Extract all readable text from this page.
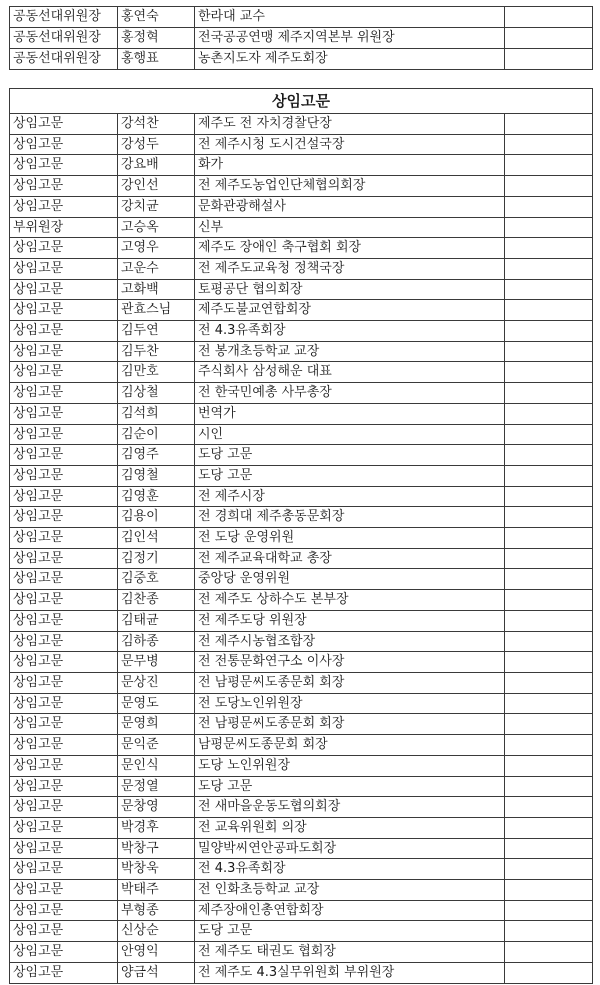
공동선대위원장	홍연숙	한라대 교수	
공동선대위원장	홍정혁	전국공공연맹 제주지역본부 위원장	
공동선대위원장	홍행표	농촌지도자 제주도회장	
상임고문			
상임고문	강석찬	제주도 전 자치경찰단장	
상임고문	강성두	전 제주시청 도시건설국장	
상임고문	강요배	화가	
상임고문	강인선	전 제주도농업인단체협의회장	
상임고문	강치균	문화관광해설사	
부위원장	고승옥	신부	
상임고문	고영우	제주도 장애인 축구협회 회장	
상임고문	고운수	전 제주도교육청 정책국장	
상임고문	고화백	토평공단 협의회장	
상임고문	관효스님	제주도불교연합회장	
상임고문	김두연	전 4.3유족회장	
상임고문	김두찬	전 봉개초등학교 교장	
상임고문	김만호	주식회사 삼성해운 대표	
상임고문	김상철	전 한국민예총 사무총장	
상임고문	김석희	번역가	
상임고문	김순이	시인	
상임고문	김영주	도당 고문	
상임고문	김영철	도당 고문	
상임고문	김영훈	전 제주시장	
상임고문	김용이	전 경희대 제주총동문회장	
상임고문	김인석	전 도당 운영위원	
상임고문	김정기	전 제주교육대학교 총장	
상임고문	김중호	중앙당 운영위원	
상임고문	김찬종	전 제주도 상하수도 본부장	
상임고문	김태균	전 제주도당 위원장	
상임고문	김하종	전 제주시농협조합장	
상임고문	문무병	전 전통문화연구소 이사장	
상임고문	문상진	전 남평문씨도종문회 회장	
상임고문	문영도	전 도당노인위원장	
상임고문	문영희	전 남평문씨도종문회 회장	
상임고문	문익준	남평문씨도종문회 회장	
상임고문	문인식	도당 노인위원장	
상임고문	문정열	도당 고문	
상임고문	문창영	전 새마을운동도협의회장	
상임고문	박경후	전 교육위원회 의장	
상임고문	박창구	밀양박씨연안공파도회장	
상임고문	박창욱	전 4.3유족회장	
상임고문	박태주	전 인화초등학교 교장	
상임고문	부형종	제주장애인총연합회장	
상임고문	신상순	도당 고문	
상임고문	안영익	전 제주도 태권도 협회장	
상임고문	양금석	전 제주도 4.3실무위원회 부위원장	
